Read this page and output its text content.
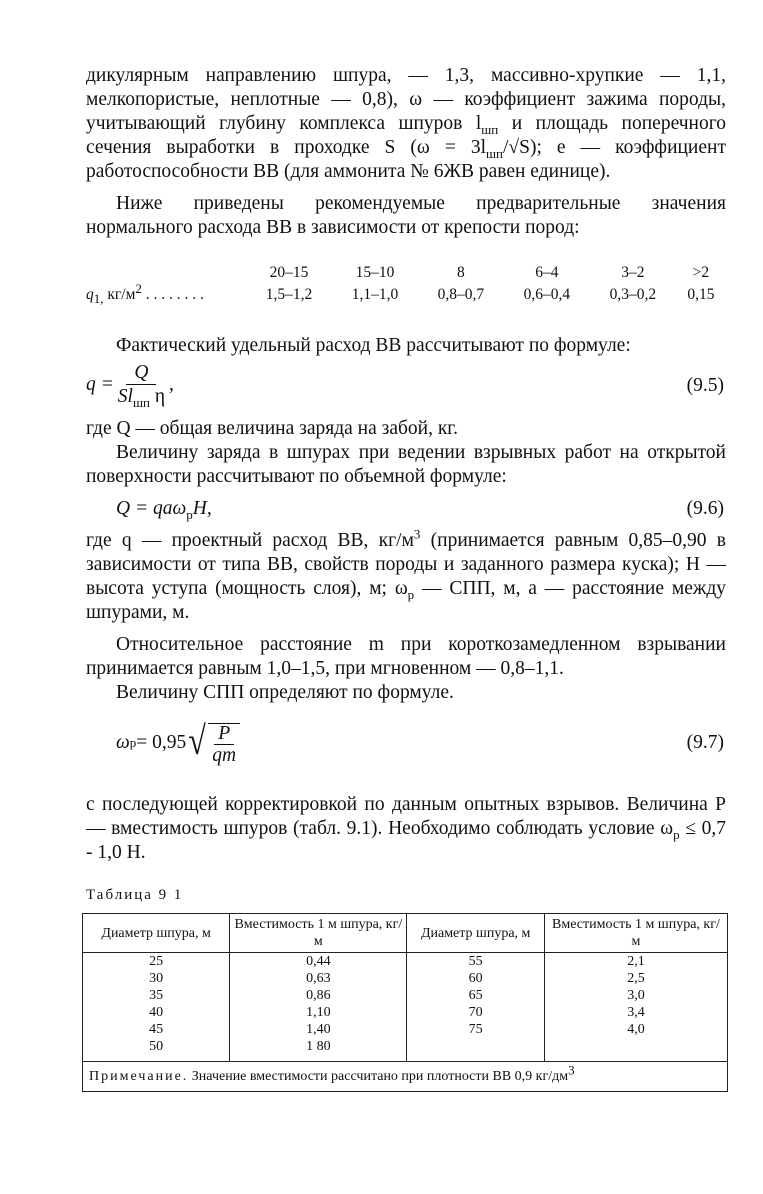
дикулярным направлению шпура, — 1,3, массивно-хрупкие — 1,1, мелкопористые, неплотные — 0,8), ω — коэффициент зажима породы, учитывающий глубину комплекса шпуров $l_{шп}$ и площадь поперечного сечения выработки в проходке S $(\omega = 3l_{шп}/√S)$; e — коэффициент работоспособности ВВ (для аммонита № 6ЖВ равен единице).

Ниже приведены рекомендуемые предварительные значения нормального расхода ВВ в зависимости от крепости пород:

	20–15	15–10	8	6–4	3–2	>2
$q_{1,}$ $кг/м^2$ . . . . . . . .	1,5–1,2	1,1–1,0	0,8–0,7	0,6–0,4	0,3–0,2	0,15

Фактический удельный расход ВВ рассчитывают по формуле:

$q = \frac{Q}{Sl_{шп} \eta}$ ,	(9.5)

где Q — общая величина заряда на забой, кг.

Величину заряда в шпурах при ведении взрывных работ на открытой поверхности рассчитывают по объемной формуле:

Q = qaω$_p$H,	(9.6)

где q — проектный расход ВВ, $кг/м^3$ (принимается равным 0,85–0,90 в зависимости от типа ВВ, свойств породы и заданного размера куска); H — высота уступа (мощность слоя), м; $\omega_p$ — СПП, м, a — расстояние между шпурами, м.

Относительное расстояние m при короткозамедленном взрывании принимается равным 1,0–1,5, при мгновенном — 0,8–1,1.

Величину СПП определяют по формуле.

ω p = 0,95 √ P
qm
(9.7)

с последующей корректировкой по данным опытных взрывов. Величина P — вместимость шпуров (табл. 9.1). Необходимо соблюдать условие $\omega_p \le 0,7 - 1,0$ H.

Таблица 9 1
Диаметр шпура, м	Вместимость 1 м шпура, кг/м	Диаметр шпура, м	Вместимость 1 м шпура, кг/м
25	0,44	55	2,1
30	0,63	60	2,5
35	0,86	65	3,0
40	1,10	70	3,4
45	1,40	75	4,0
50	1 80		
Примечание. Значение вместимости рассчитано при плотности ВВ 0,9 кг/дм3			
